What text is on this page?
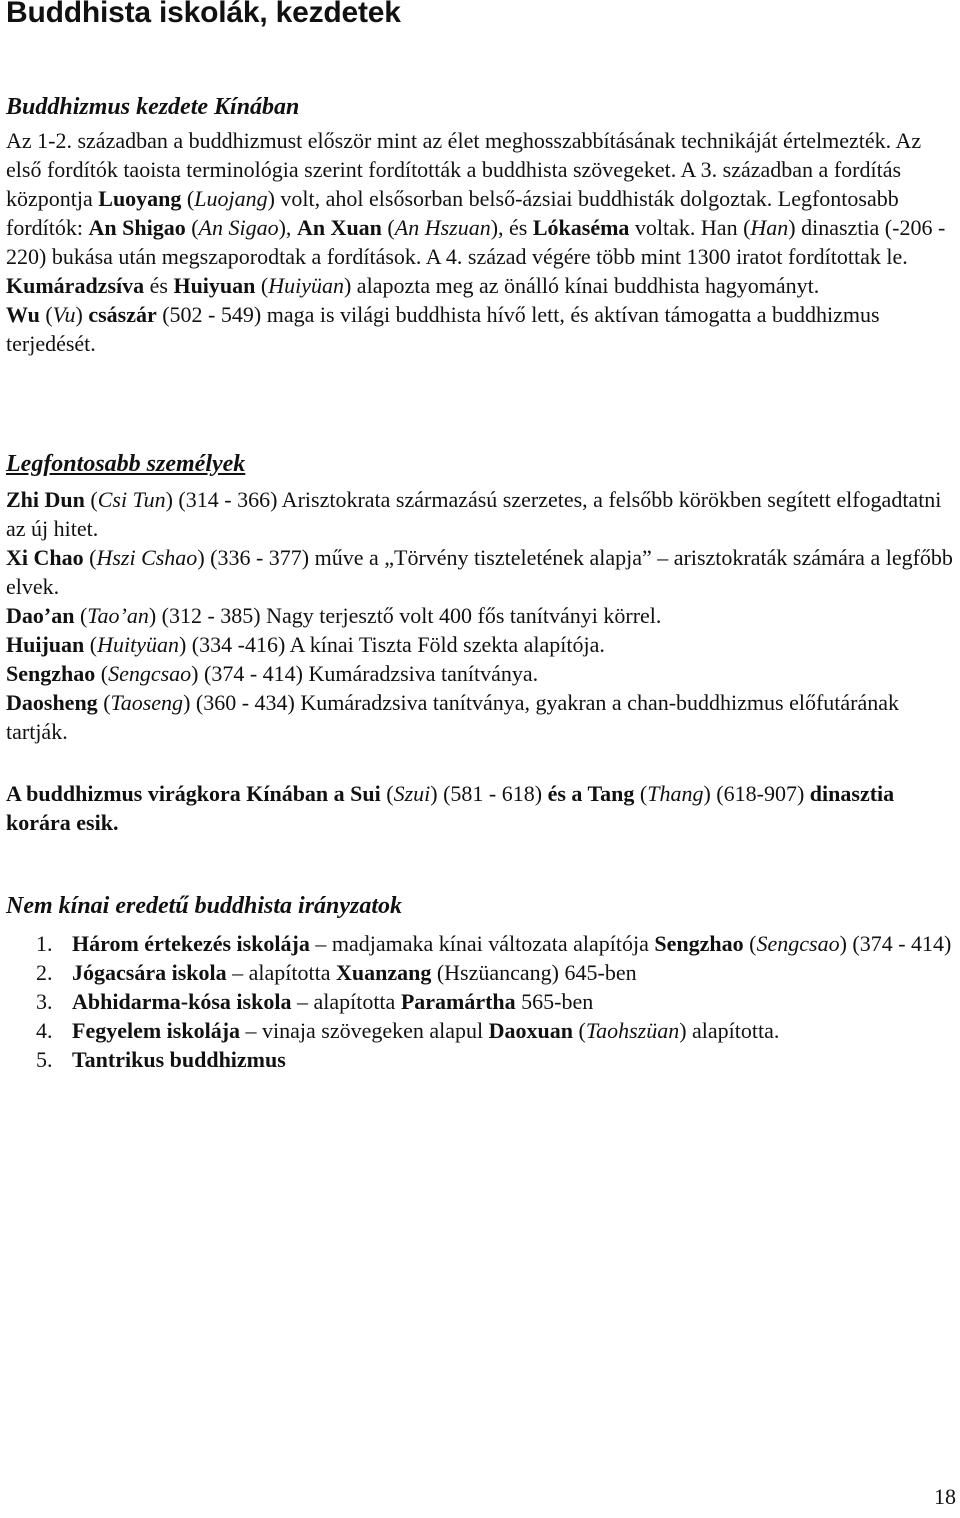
Buddhista iskolák, kezdetek

Buddhizmus kezdete Kínában

Az 1-2. században a buddhizmust először mint az élet meghosszabbításának technikáját értelmezték. Az első fordítók taoista terminológia szerint fordították a buddhista szövegeket. A 3. században a fordítás központja Luoyang (Luojang) volt, ahol elsősorban belső-ázsiai buddhisták dolgoztak. Legfontosabb fordítók: An Shigao (An Sigao), An Xuan (An Hszuan), és Lókaséma voltak. Han (Han) dinasztia (-206 - 220) bukása után megszaporodtak a fordítások. A 4. század végére több mint 1300 iratot fordítottak le.

Kumáradzsíva és Huiyuan (Huiyüan) alapozta meg az önálló kínai buddhista hagyományt.

Wu (Vu) császár (502 - 549) maga is világi buddhista hívő lett, és aktívan támogatta a buddhizmus terjedését.

Legfontosabb személyek

Zhi Dun (Csi Tun) (314 - 366) Arisztokrata származású szerzetes, a felsőbb körökben segített elfogadtatni az új hitet.

Xi Chao (Hszi Cshao) (336 - 377) műve a „Törvény tiszteletének alapja” – arisztokraták számára a legfőbb elvek.

Dao’an (Tao’an) (312 - 385) Nagy terjesztő volt 400 fős tanítványi körrel.

Huijuan (Huityüan) (334 -416) A kínai Tiszta Föld szekta alapítója.

Sengzhao (Sengcsao) (374 - 414) Kumáradzsiva tanítványa.

Daosheng (Taoseng) (360 - 434) Kumáradzsiva tanítványa, gyakran a chan-buddhizmus előfutárának tartják.

A buddhizmus virágkora Kínában a Sui (Szui) (581 - 618) és a Tang (Thang) (618-907) dinasztia korára esik.

Nem kínai eredetű buddhista irányzatok

1. Három értekezés iskolája – madjamaka kínai változata alapítója Sengzhao (Sengcsao) (374 - 414)
2. Jógacsára iskola – alapította Xuanzang (Hszüancang) 645-ben
3. Abhidarma-kósa iskola – alapította Paramártha 565-ben
4. Fegyelem iskolája – vinaja szövegeken alapul Daoxuan (Taohszüan) alapította.
5. Tantrikus buddhizmus
18
